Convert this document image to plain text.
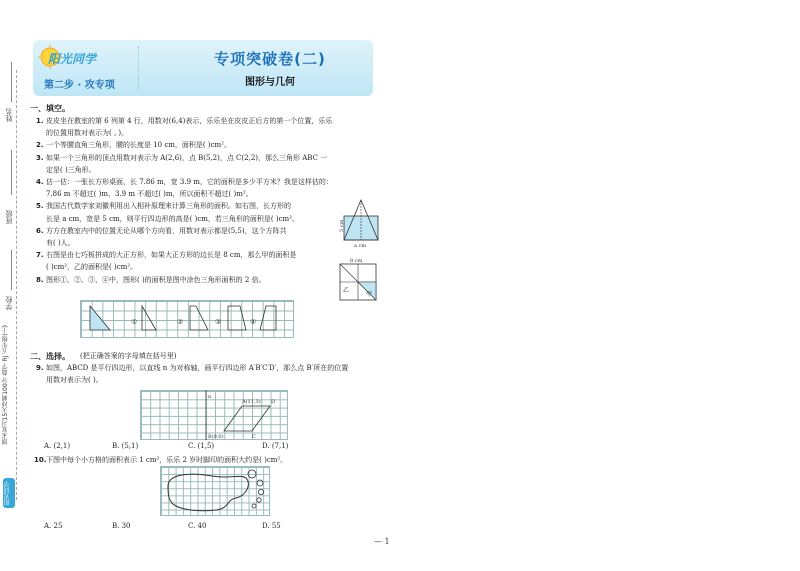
姓名
班级
学校
期末复习15天冲刺100分 数学 RJ 五年级(上)
阳光同学
阳光同学
第二步 · 攻专项
专项突破卷(二)
图形与几何
一、填空。
1. 皮皮坐在教室的第 6 列第 4 行，用数对(6,4)表示，乐乐坐在皮皮正后方的第一个位置，乐乐
的位置用数对表示为( , )。
2. 一个等腰直角三角形，腰的长度是 10 cm，面积是( )cm²。
3. 如果一个三角形的顶点用数对表示为 A(2,6)，点 B(5,2)，点 C(2,2)，那么三角形 ABC 一
定是( )三角形。
4. 估一估：一张长方形桌面，长 7.86 m，宽 3.9 m，它的面积是多少平方米？我是这样估的：
7.86 m 不超过( )m，3.9 m 不超过( )m，所以面积不超过( )m²。
5. 我国古代数学家刘徽利用出入相补原理来计算三角形的面积。如右图，长方形的
长是 a cm，宽是 5 cm，则平行四边形的高是( )cm，若三角形的面积是( )cm²。
6. 方方在教室内中的位置无论从哪个方向看，用数对表示都是(5,5)，这个方阵共
有( )人。
7. 右图是由七巧板拼成的大正方形，如果大正方形的边长是 8 cm，那么甲的面积是
( )cm²，乙的面积是( )cm²。
8. 图形①、②、③、④中，图形( )的面积是图中涂色三角形面积的 2 倍。
5 cm
a cm
8 cm
乙
甲
①	②	③	④
二、选择。 (把正确答案的字母填在括号里)
9. 如图，ABCD 是平行四边形，以直线 n 为对称轴，画平行四边形 A′B′C′D′，那么点 B′所在的位置
用数对表示为( )。
n
A(11,3) D
B(9,0)	C
A. (2,1)	B. (5,1)	C. (1,5)	D. (7,1)
10. 下图中每个小方格的面积表示 1 cm²，乐乐 2 岁时脚印的面积大约是( )cm²。
A. 25	B. 30	C. 40	D. 55
— 1
